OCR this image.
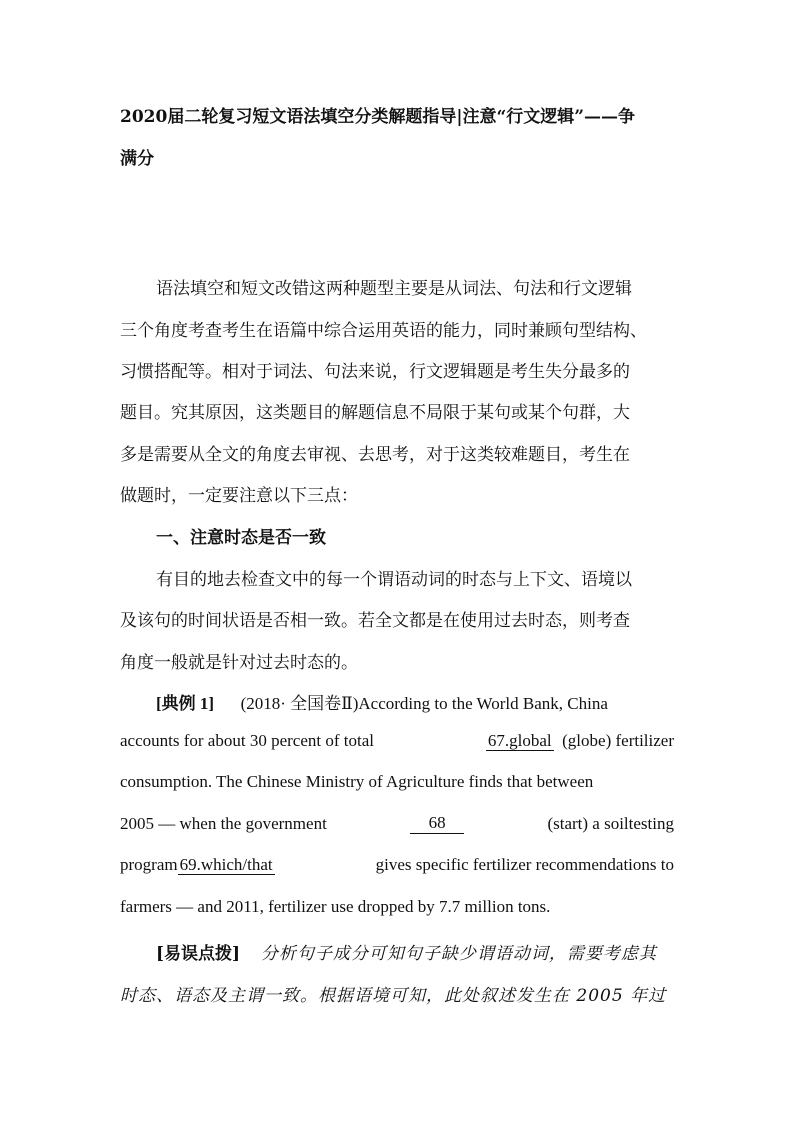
2020届二轮复习短文语法填空分类解题指导|注意“行文逻辑”——争
满分
语法填空和短文改错这两种题型主要是从词法、句法和行文逻辑
三个角度考查考生在语篇中综合运用英语的能力，同时兼顾句型结构、
习惯搭配等。相对于词法、句法来说，行文逻辑题是考生失分最多的
题目。究其原因，这类题目的解题信息不局限于某句或某个句群，大
多是需要从全文的角度去审视、去思考，对于这类较难题目，考生在
做题时，一定要注意以下三点：
一、注意时态是否一致
有目的地去检查文中的每一个谓语动词的时态与上下文、语境以
及该句的时间状语是否相一致。若全文都是在使用过去时态，则考查
角度一般就是针对过去时态的。
[典例 1] (2018· 全国卷Ⅱ)According to the World Bank, China
accounts for about 30 percent of total	67.global (globe) fertilizer
consumption. The Chinese Ministry of Agriculture finds that between
2005 — when the government	68	(start) a soiltesting
program 69.which/that	gives specific fertilizer recommendations to
farmers — and 2011, fertilizer use dropped by 7.7 million tons.
[易误点拨] 分析句子成分可知句子缺少谓语动词，需要考虑其
时态、语态及主谓一致。根据语境可知，此处叙述发生在 2005 年过
